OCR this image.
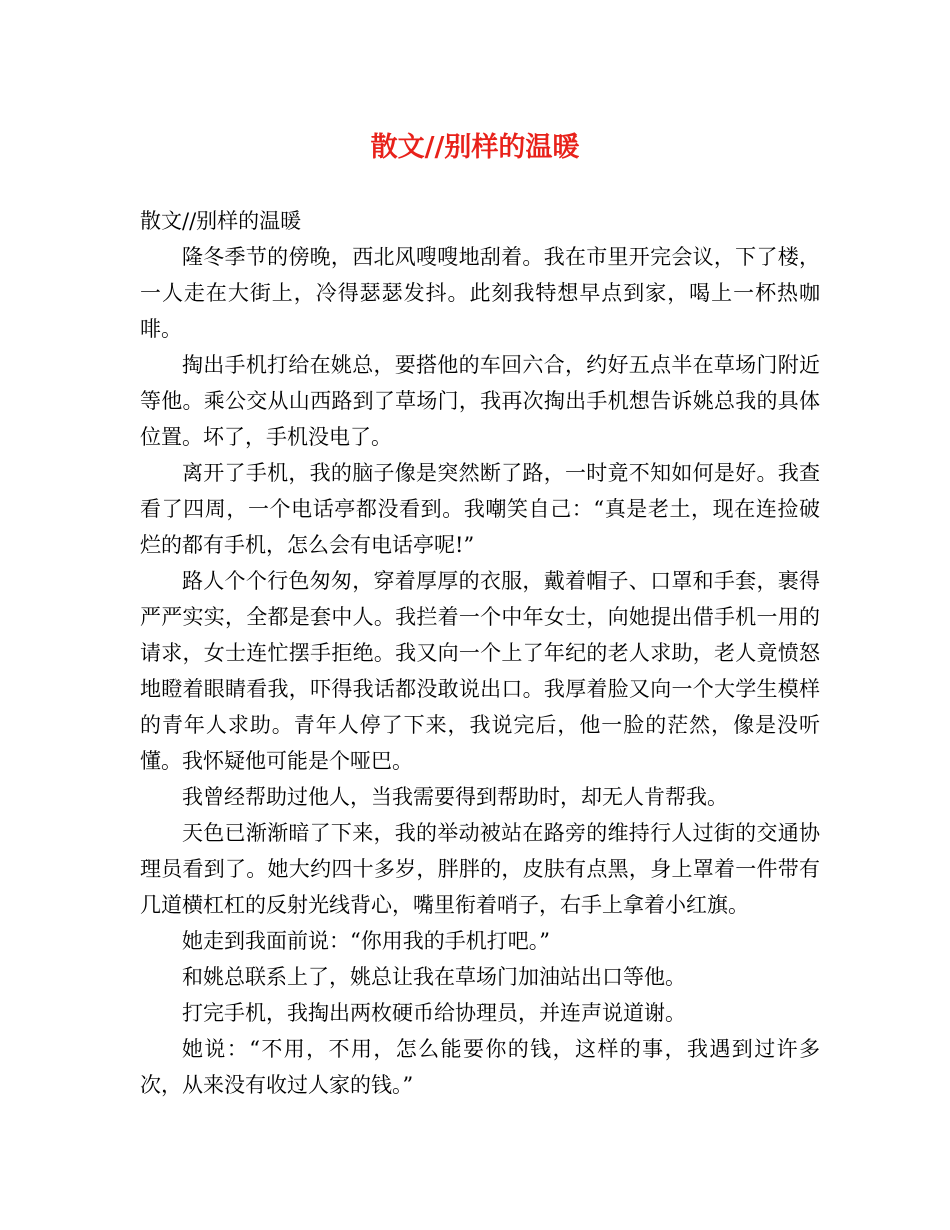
散文//别样的温暖

散文//别样的温暖

隆冬季节的傍晚，西北风嗖嗖地刮着。我在市里开完会议，下了楼，一人走在大街上，冷得瑟瑟发抖。此刻我特想早点到家，喝上一杯热咖啡。

掏出手机打给在姚总，要搭他的车回六合，约好五点半在草场门附近等他。乘公交从山西路到了草场门，我再次掏出手机想告诉姚总我的具体位置。坏了，手机没电了。

离开了手机，我的脑子像是突然断了路，一时竟不知如何是好。我查看了四周，一个电话亭都没看到。我嘲笑自己：“真是老土，现在连捡破烂的都有手机，怎么会有电话亭呢!”

路人个个行色匆匆，穿着厚厚的衣服，戴着帽子、口罩和手套，裹得严严实实，全都是套中人。我拦着一个中年女士，向她提出借手机一用的请求，女士连忙摆手拒绝。我又向一个上了年纪的老人求助，老人竟愤怒地瞪着眼睛看我，吓得我话都没敢说出口。我厚着脸又向一个大学生模样的青年人求助。青年人停了下来，我说完后，他一脸的茫然，像是没听懂。我怀疑他可能是个哑巴。

我曾经帮助过他人，当我需要得到帮助时，却无人肯帮我。

天色已渐渐暗了下来，我的举动被站在路旁的维持行人过街的交通协理员看到了。她大约四十多岁，胖胖的，皮肤有点黑，身上罩着一件带有几道横杠杠的反射光线背心，嘴里衔着哨子，右手上拿着小红旗。

她走到我面前说：“你用我的手机打吧。”

和姚总联系上了，姚总让我在草场门加油站出口等他。

打完手机，我掏出两枚硬币给协理员，并连声说道谢。

她说：“不用，不用，怎么能要你的钱，这样的事，我遇到过许多次，从来没有收过人家的钱。”
